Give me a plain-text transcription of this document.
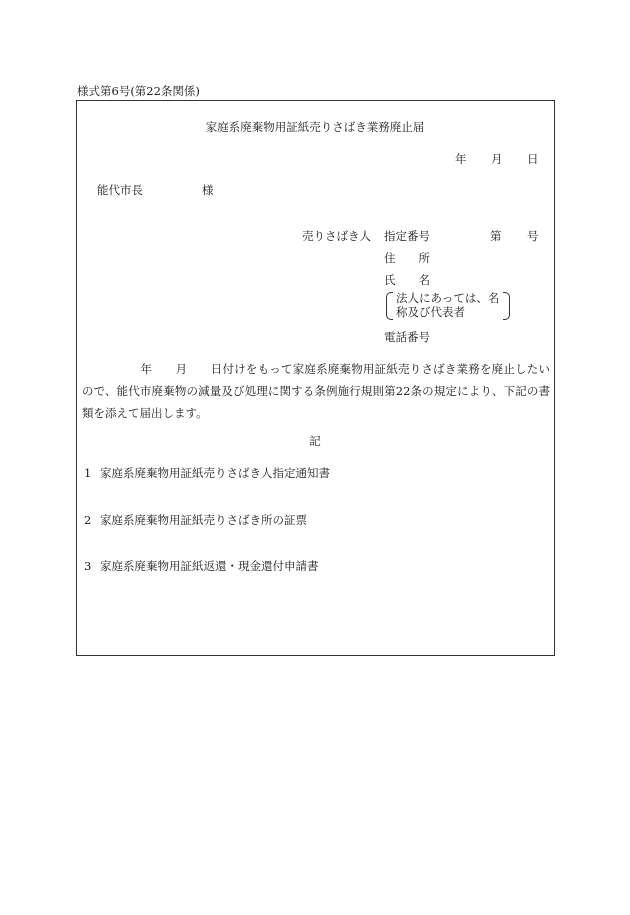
様式第6号(第22条関係)
家庭系廃棄物用証紙売りさばき業務廃止届
年 月 日
能代市長	様
売りさばき人 指定番号	第 号
住　　所
氏　　名
法人にあっては、名
称及び代表者
電話番号
　　　　　年　　月　　日付けをもって家庭系廃棄物用証紙売りさばき業務を廃止したいので、能代市廃棄物の減量及び処理に関する条例施行規則第22条の規定により、下記の書類を添えて届出します。
記
1 家庭系廃棄物用証紙売りさばき人指定通知書
2 家庭系廃棄物用証紙売りさばき所の証票
3 家庭系廃棄物用証紙返還・現金還付申請書
